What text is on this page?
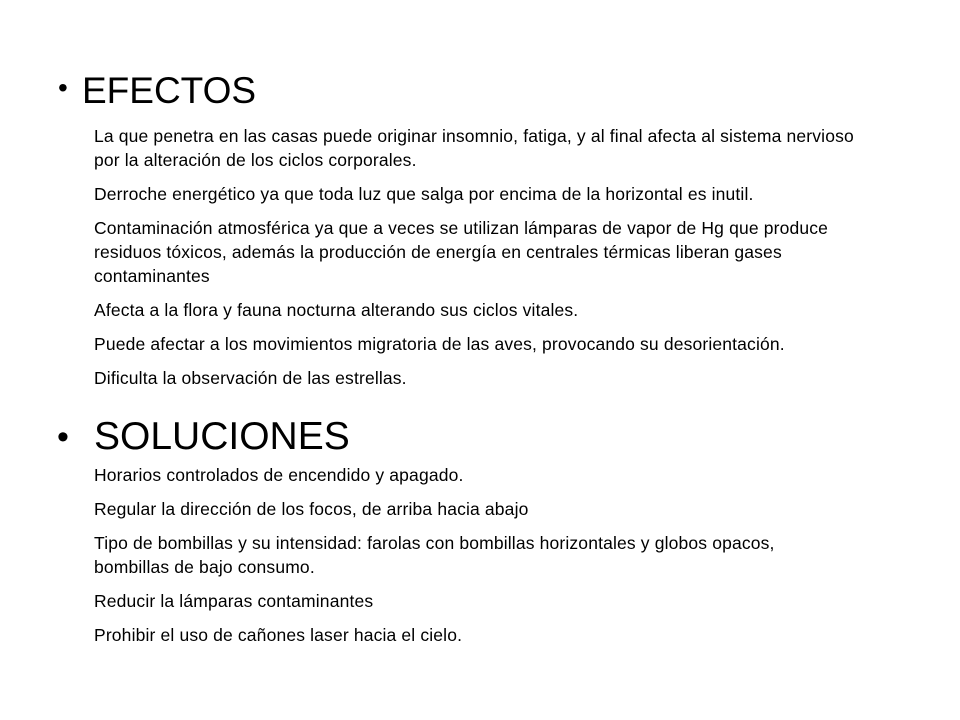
• EFECTOS
La que penetra en las casas puede originar insomnio, fatiga, y al final afecta al sistema nervioso por la alteración de los ciclos corporales.
Derroche energético ya que toda luz que salga por encima de la horizontal es inutil.
Contaminación atmosférica ya que a veces se utilizan lámparas de vapor de Hg que produce residuos tóxicos, además la producción de energía en centrales térmicas liberan gases contaminantes
Afecta a la flora y fauna nocturna alterando sus ciclos vitales.
Puede afectar a los movimientos migratoria de las aves, provocando su desorientación.
Dificulta la observación de las estrellas.
• SOLUCIONES
Horarios controlados de encendido y apagado.
Regular la dirección de los focos, de arriba hacia abajo
Tipo de bombillas y su intensidad: farolas con bombillas horizontales y globos opacos, bombillas de bajo consumo.
Reducir la lámparas contaminantes
Prohibir el uso de cañones laser hacia el cielo.
